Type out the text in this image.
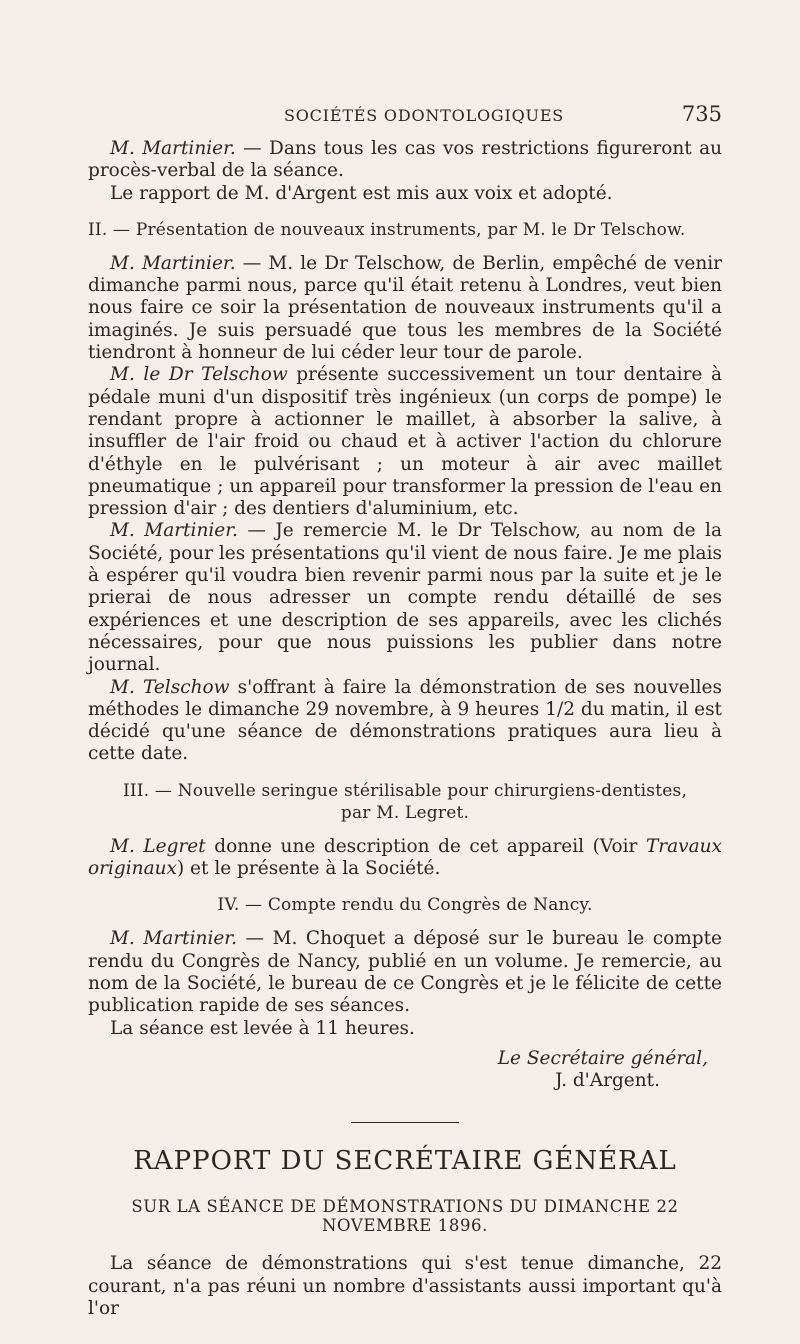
SOCIÉTÉS ODONTOLOGIQUES	735

M. Martinier. — Dans tous les cas vos restrictions figureront au procès-verbal de la séance.

Le rapport de M. d'Argent est mis aux voix et adopté.

II. — Présentation de nouveaux instruments, par M. le Dr Telschow.

M. Martinier. — M. le Dr Telschow, de Berlin, empêché de venir dimanche parmi nous, parce qu'il était retenu à Londres, veut bien nous faire ce soir la présentation de nouveaux instruments qu'il a imaginés. Je suis persuadé que tous les membres de la Société tiendront à honneur de lui céder leur tour de parole.

M. le Dr Telschow présente successivement un tour dentaire à pédale muni d'un dispositif très ingénieux (un corps de pompe) le rendant propre à actionner le maillet, à absorber la salive, à insuffler de l'air froid ou chaud et à activer l'action du chlorure d'éthyle en le pulvérisant ; un moteur à air avec maillet pneumatique ; un appareil pour transformer la pression de l'eau en pression d'air ; des dentiers d'aluminium, etc.

M. Martinier. — Je remercie M. le Dr Telschow, au nom de la Société, pour les présentations qu'il vient de nous faire. Je me plais à espérer qu'il voudra bien revenir parmi nous par la suite et je le prierai de nous adresser un compte rendu détaillé de ses expériences et une description de ses appareils, avec les clichés nécessaires, pour que nous puissions les publier dans notre journal.

M. Telschow s'offrant à faire la démonstration de ses nouvelles méthodes le dimanche 29 novembre, à 9 heures 1/2 du matin, il est décidé qu'une séance de démonstrations pratiques aura lieu à cette date.

III. — Nouvelle seringue stérilisable pour chirurgiens-dentistes,
par M. Legret.

M. Legret donne une description de cet appareil (Voir Travaux originaux) et le présente à la Société.

IV. — Compte rendu du Congrès de Nancy.

M. Martinier. — M. Choquet a déposé sur le bureau le compte rendu du Congrès de Nancy, publié en un volume. Je remercie, au nom de la Société, le bureau de ce Congrès et je le félicite de cette publication rapide de ses séances.

La séance est levée à 11 heures.

Le Secrétaire général,
J. d'Argent.
RAPPORT DU SECRÉTAIRE GÉNÉRAL
SUR LA SÉANCE DE DÉMONSTRATIONS DU DIMANCHE 22 NOVEMBRE 1896.

La séance de démonstrations qui s'est tenue dimanche, 22 courant, n'a pas réuni un nombre d'assistants aussi important qu'à l'or
